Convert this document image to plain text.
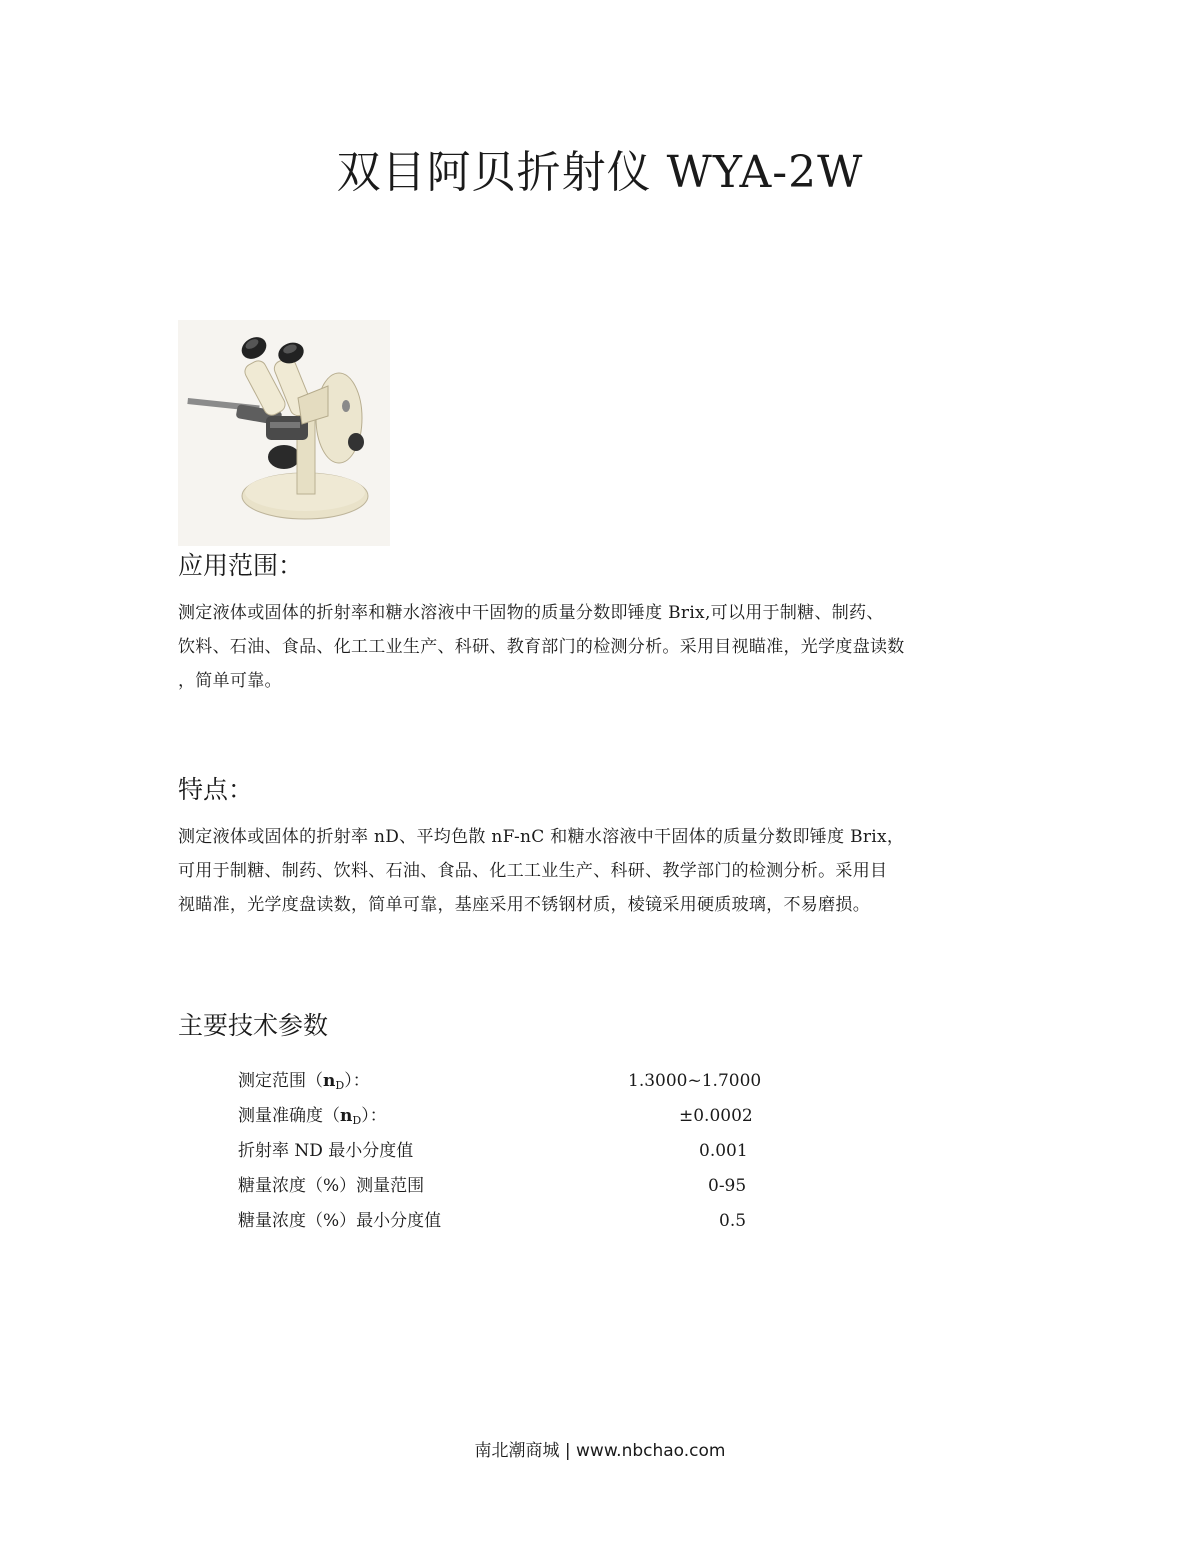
双目阿贝折射仪 WYA-2W
应用范围：
测定液体或固体的折射率和糖水溶液中干固物的质量分数即锤度 Brix,可以用于制糖、制药、
饮料、石油、食品、化工工业生产、科研、教育部门的检测分析。采用目视瞄准，光学度盘读数
，简单可靠。
特点：
测定液体或固体的折射率 nD、平均色散 nF-nC 和糖水溶液中干固体的质量分数即锤度 Brix，
可用于制糖、制药、饮料、石油、食品、化工工业生产、科研、教学部门的检测分析。采用目
视瞄准，光学度盘读数，简单可靠，基座采用不锈钢材质，棱镜采用硬质玻璃，不易磨损。
主要技术参数
测定范围$(n_D)$：	1.3000~1.7000
测量准确度$(n_D)$：	±0.0002
折射率 ND 最小分度值	0.001
糖量浓度（%）测量范围	0-95
糖量浓度（%）最小分度值	0.5
南北潮商城 | www.nbchao.com
